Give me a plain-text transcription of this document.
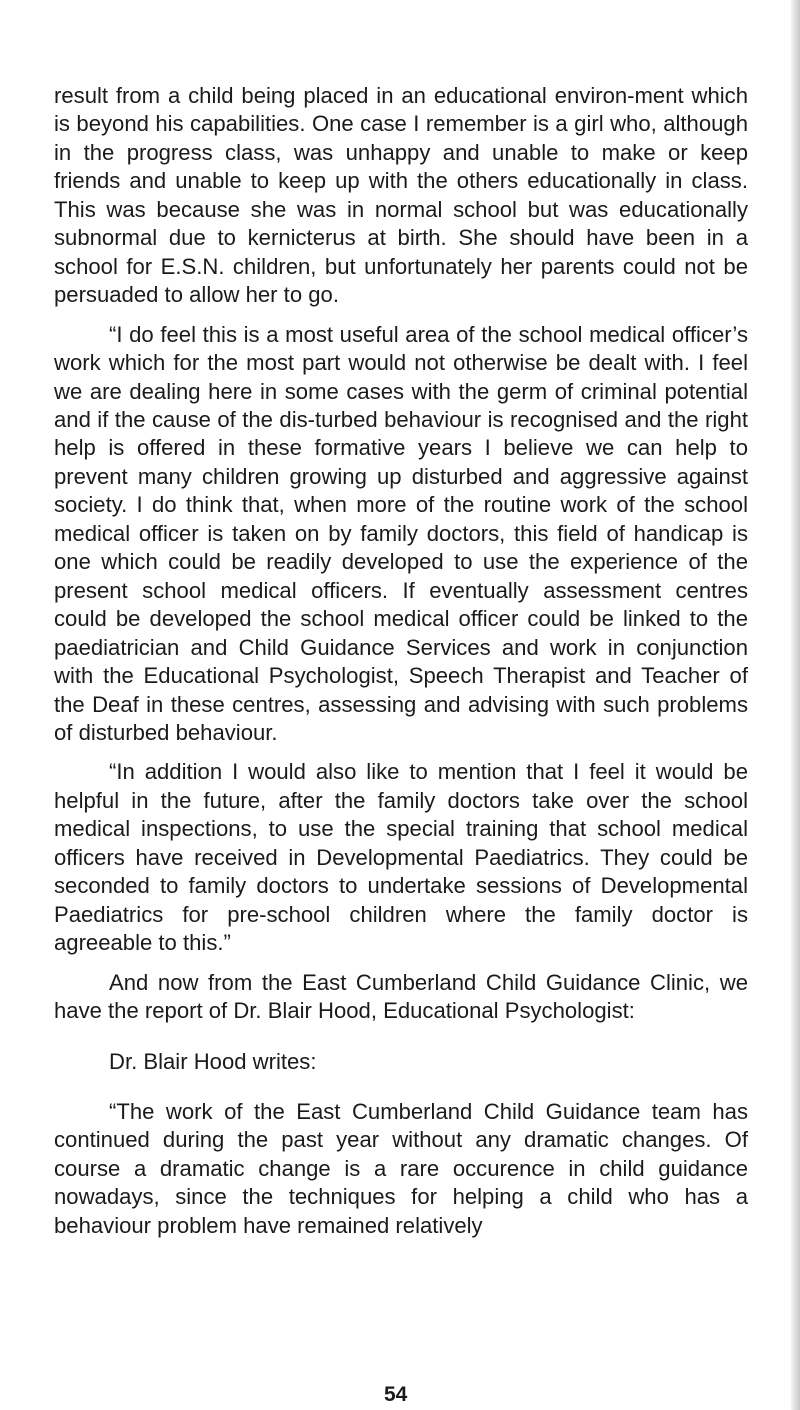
result from a child being placed in an educational environ-ment which is beyond his capabilities. One case I remember is a girl who, although in the progress class, was unhappy and unable to make or keep friends and unable to keep up with the others educationally in class. This was because she was in normal school but was educationally subnormal due to kernicterus at birth. She should have been in a school for E.S.N. children, but unfortunately her parents could not be persuaded to allow her to go.

“I do feel this is a most useful area of the school medical officer’s work which for the most part would not otherwise be dealt with. I feel we are dealing here in some cases with the germ of criminal potential and if the cause of the dis-turbed behaviour is recognised and the right help is offered in these formative years I believe we can help to prevent many children growing up disturbed and aggressive against society. I do think that, when more of the routine work of the school medical officer is taken on by family doctors, this field of handicap is one which could be readily developed to use the experience of the present school medical officers. If eventually assessment centres could be developed the school medical officer could be linked to the paediatrician and Child Guidance Services and work in conjunction with the Educational Psychologist, Speech Therapist and Teacher of the Deaf in these centres, assessing and advising with such problems of disturbed behaviour.

“In addition I would also like to mention that I feel it would be helpful in the future, after the family doctors take over the school medical inspections, to use the special training that school medical officers have received in Developmental Paediatrics. They could be seconded to family doctors to undertake sessions of Developmental Paediatrics for pre-school children where the family doctor is agreeable to this.”

And now from the East Cumberland Child Guidance Clinic, we have the report of Dr. Blair Hood, Educational Psychologist:

Dr. Blair Hood writes:

“The work of the East Cumberland Child Guidance team has continued during the past year without any dramatic changes. Of course a dramatic change is a rare occurence in child guidance nowadays, since the techniques for helping a child who has a behaviour problem have remained relatively

54
